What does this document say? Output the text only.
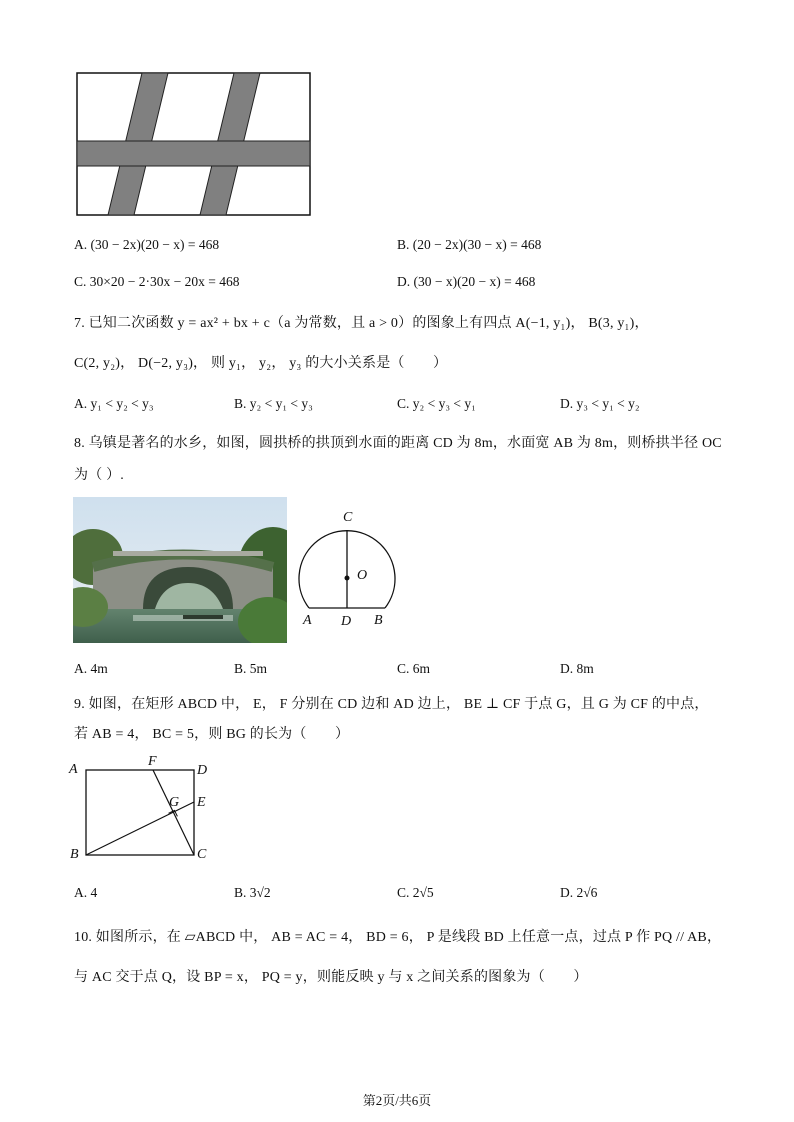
A. (30 − 2x)(20 − x) = 468	B. (20 − 2x)(30 − x) = 468
C. 30×20 − 2·30x − 20x = 468	D. (30 − x)(20 − x) = 468
7. 已知二次函数 y = ax² + bx + c（a 为常数，且 a > 0）的图象上有四点 A(−1, y₁)， B(3, y₁)，
C(2, y₂)， D(−2, y₃)， 则 y₁， y₂， y₃ 的大小关系是（　　）
A. y₁ < y₂ < y₃	B. y₂ < y₁ < y₃	C. y₂ < y₃ < y₁	D. y₃ < y₁ < y₂
8. 乌镇是著名的水乡，如图，圆拱桥的拱顶到水面的距离 CD 为 8m，水面宽 AB 为 8m，则桥拱半径 OC
为（ ）.
C
O
A D B
A. 4m	B. 5m	C. 6m	D. 8m
9. 如图，在矩形 ABCD 中， E， F 分别在 CD 边和 AD 边上， BE ⊥ CF 于点 G，且 G 为 CF 的中点，
若 AB = 4， BC = 5，则 BG 的长为（　　）
A
F
D
G E
B	C
A. 4	B. 3√2	C. 2√5	D. 2√6
10. 如图所示，在 ▱ABCD 中， AB = AC = 4， BD = 6， P 是线段 BD 上任意一点，过点 P 作 PQ // AB，
与 AC 交于点 Q，设 BP = x， PQ = y，则能反映 y 与 x 之间关系的图象为（　　）
第2页/共6页
